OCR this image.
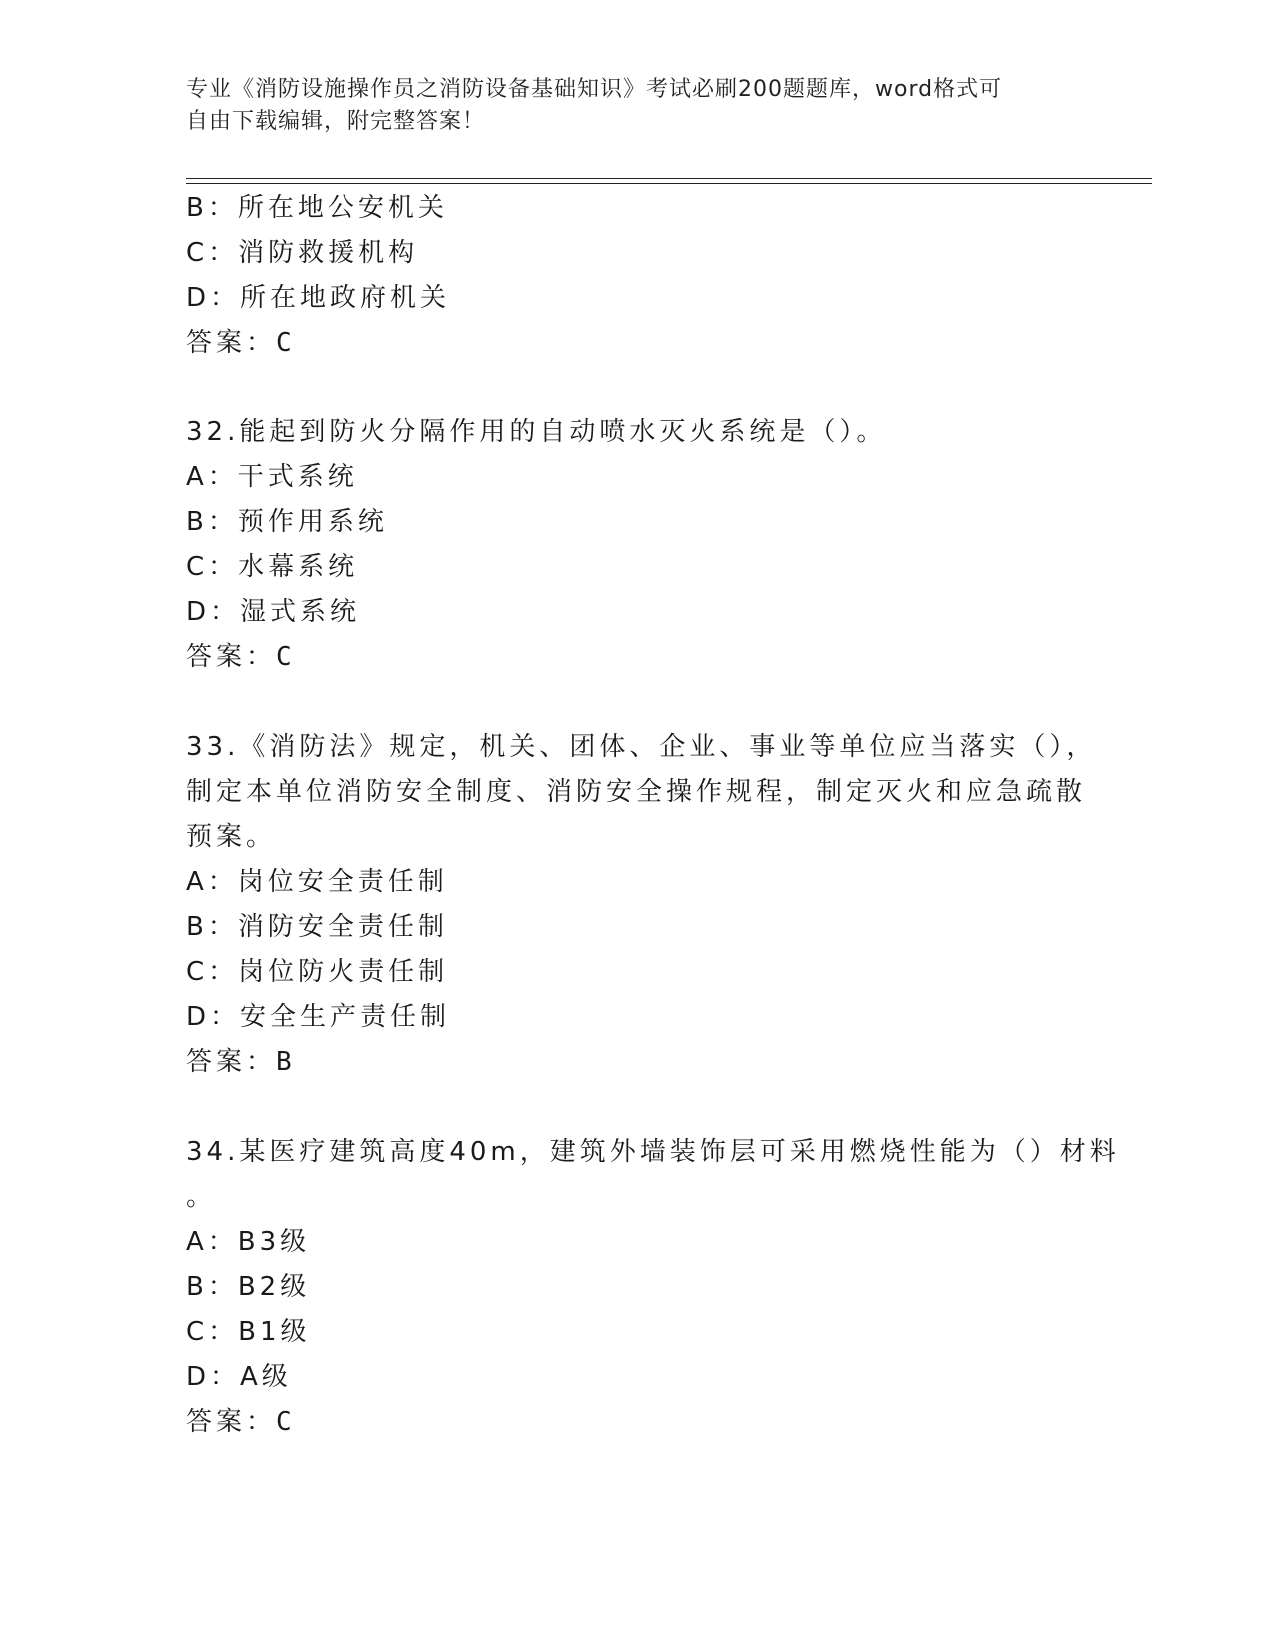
专业《消防设施操作员之消防设备基础知识》考试必刷200题题库，word格式可
自由下载编辑，附完整答案！
B：所在地公安机关
C：消防救援机构
D：所在地政府机关
答案：C
32.能起到防火分隔作用的自动喷水灭火系统是（）。
A：干式系统
B：预作用系统
C：水幕系统
D：湿式系统
答案：C
33.《消防法》规定，机关、团体、企业、事业等单位应当落实（），
制定本单位消防安全制度、消防安全操作规程，制定灭火和应急疏散
预案。
A：岗位安全责任制
B：消防安全责任制
C：岗位防火责任制
D：安全生产责任制
答案：B
34.某医疗建筑高度40m，建筑外墙装饰层可采用燃烧性能为（）材料
。
A：B3级
B：B2级
C：B1级
D：A级
答案：C
